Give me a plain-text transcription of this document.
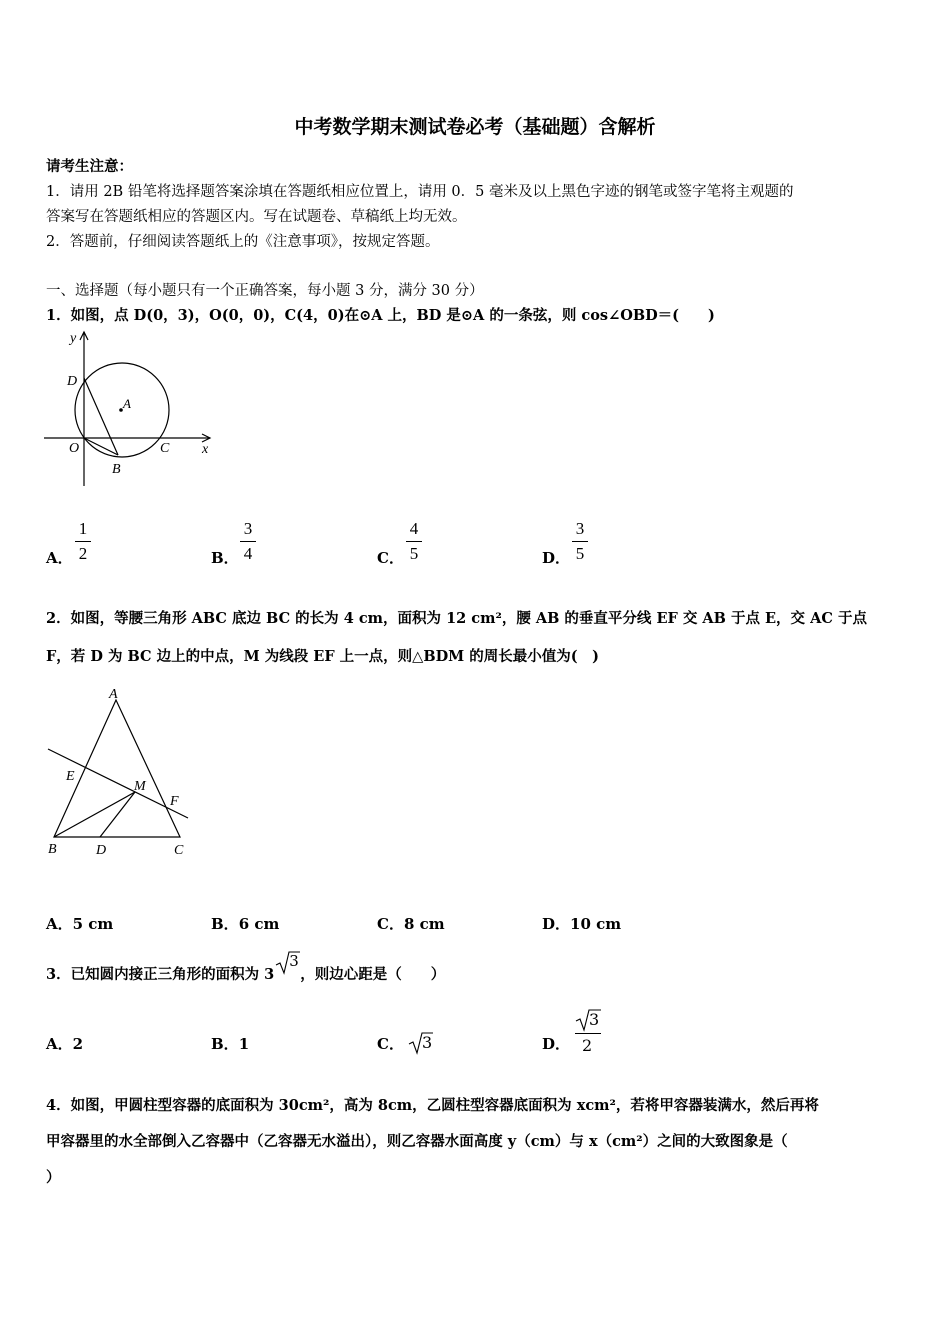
中考数学期末测试卷必考（基础题）含解析
请考生注意：
1．请用 2B 铅笔将选择题答案涂填在答题纸相应位置上，请用 0．5 毫米及以上黑色字迹的钢笔或签字笔将主观题的
答案写在答题纸相应的答题区内。写在试题卷、草稿纸上均无效。
2．答题前，仔细阅读答题纸上的《注意事项》，按规定答题。
一、选择题（每小题只有一个正确答案，每小题 3 分，满分 30 分）
1．如图，点 D(0，3)，O(0，0)，C(4，0)在⊙A 上，BD 是⊙A 的一条弦，则 cos∠OBD＝(　　)
y
x
D
A
O	C
B
A．
1
2	B．
3
4	C．
4
5	D．
3
5
2．如图，等腰三角形 ABC 底边 BC 的长为 4 cm，面积为 12 cm²，腰 AB 的垂直平分线 EF 交 AB 于点 E，交 AC 于点
F，若 D 为 BC 边上的中点，M 为线段 EF 上一点，则△BDM 的周长最小值为(　)
A
E
M
F
B	D	C
A．5 cm	B．6 cm	C．8 cm	D．10 cm
3．已知圆内接正三角形的面积为 3
3
，则边心距是（　　）
A．2	B．1	C． 3	D．
3
2
4．如图，甲圆柱型容器的底面积为 30cm²，高为 8cm，乙圆柱型容器底面积为 xcm²，若将甲容器装满水，然后再将
甲容器里的水全部倒入乙容器中（乙容器无水溢出），则乙容器水面高度 y（cm）与 x（cm²）之间的大致图象是（
）
